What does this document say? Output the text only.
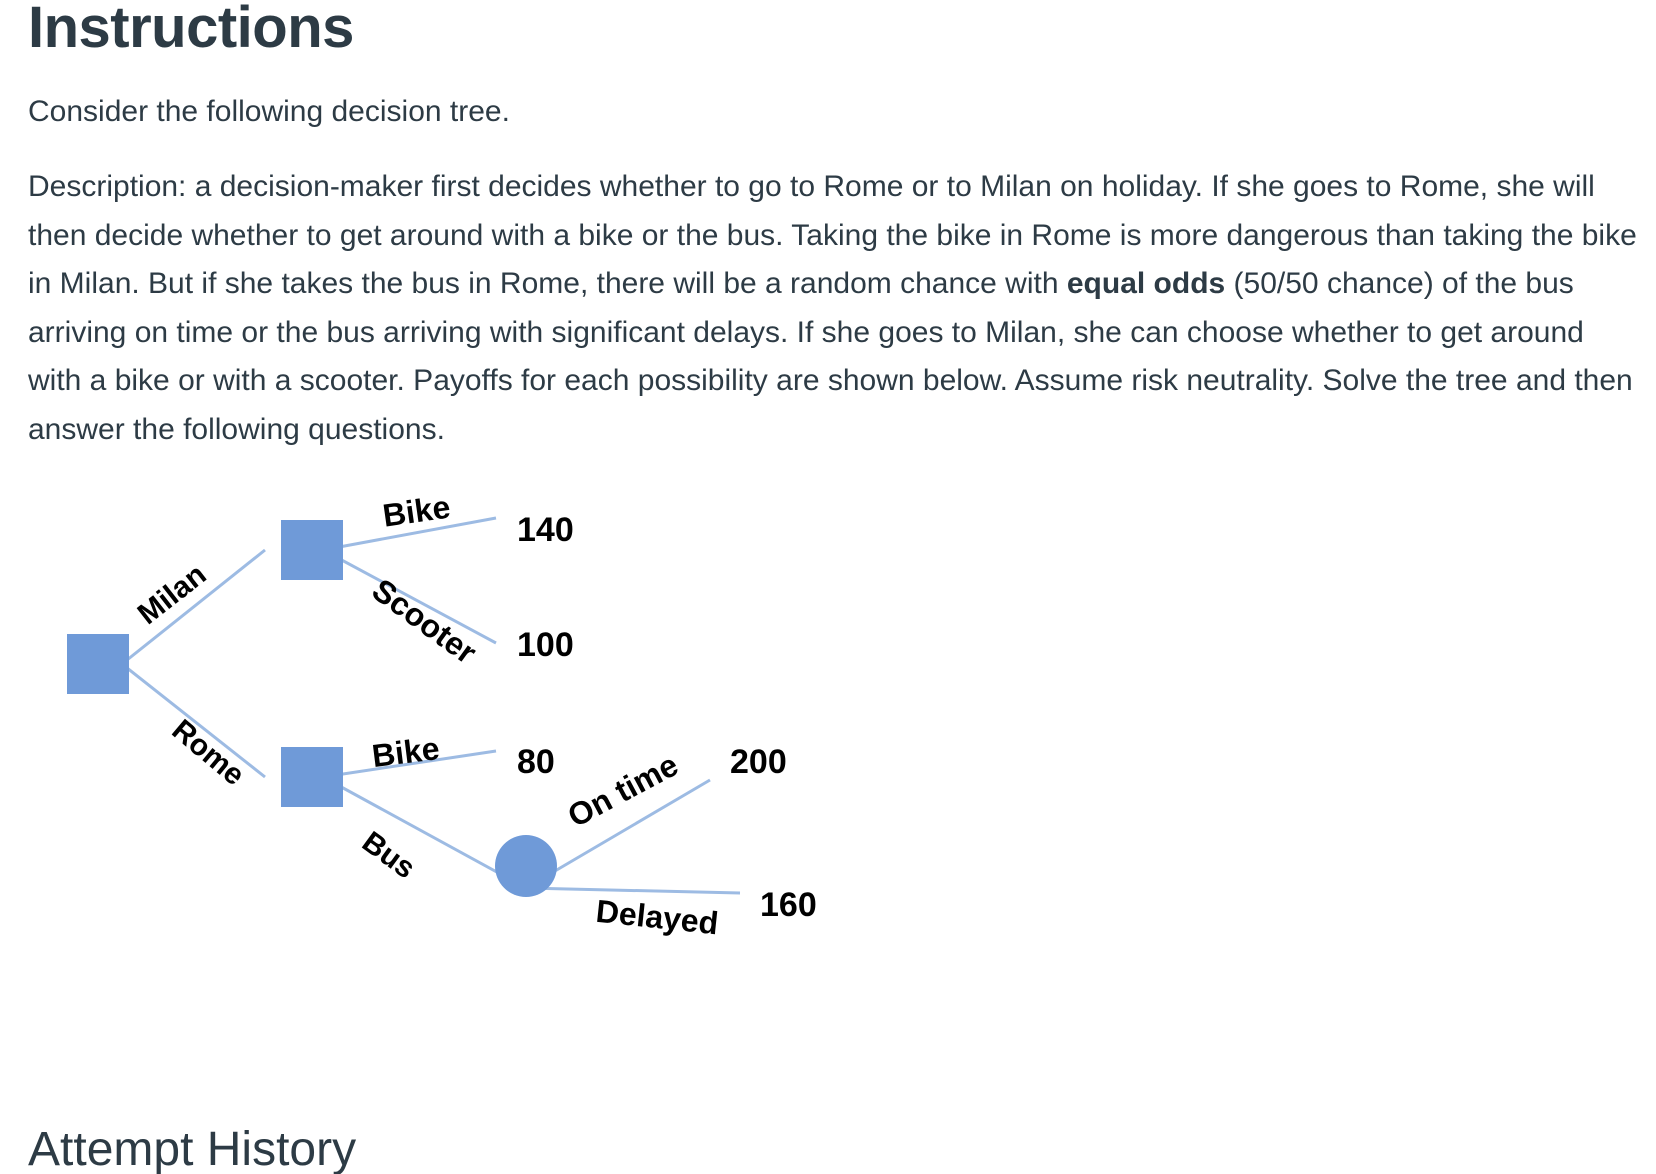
Instructions

Consider the following decision tree.

Description: a decision-maker first decides whether to go to Rome or to Milan on holiday. If she goes to Rome, she will then decide whether to get around with a bike or the bus. Taking the bike in Rome is more dangerous than taking the bike in Milan. But if she takes the bus in Rome, there will be a random chance with equal odds (50/50 chance) of the bus arriving on time or the bus arriving with significant delays. If she goes to Milan, she can choose whether to get around with a bike or with a scooter. Payoffs for each possibility are shown below. Assume risk neutrality. Solve the tree and then answer the following questions.

Milan
Rome
Bike
Scooter
Bike
Bus
On time
Delayed
140
100
80	200
160
Attempt History
